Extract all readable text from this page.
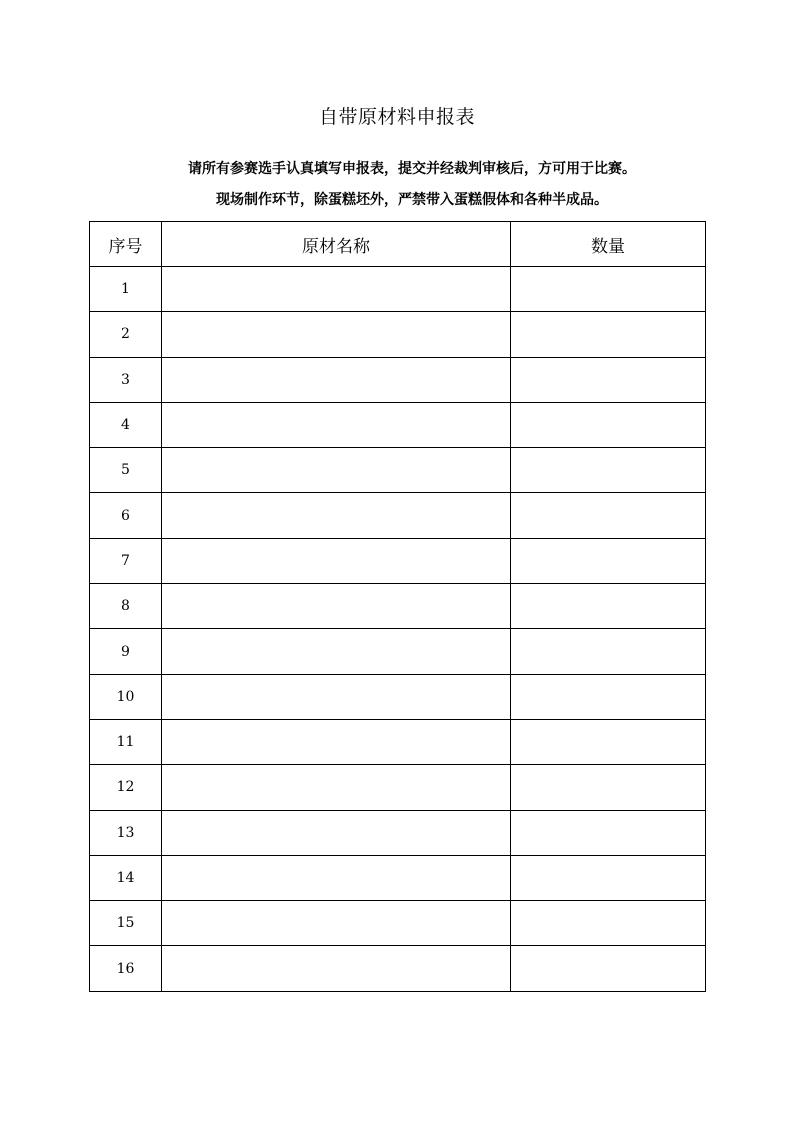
自带原材料申报表
请所有参赛选手认真填写申报表，提交并经裁判审核后，方可用于比赛。
现场制作环节，除蛋糕坯外，严禁带入蛋糕假体和各种半成品。
序号	原材名称	数量
1		
2		
3		
4		
5		
6		
7		
8		
9		
10		
11		
12		
13		
14		
15		
16		
